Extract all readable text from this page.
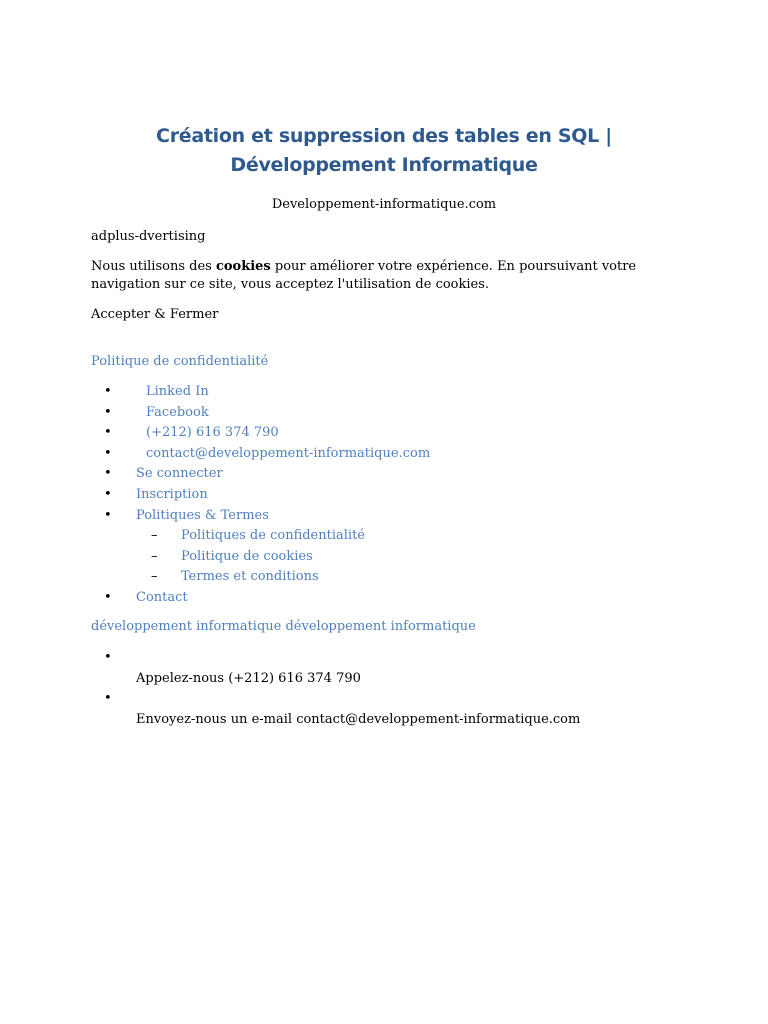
Création et suppression des tables en SQL | Développement Informatique
Developpement-informatique.com

adplus-dvertising

Nous utilisons des cookies pour améliorer votre expérience. En poursuivant votre navigation sur ce site, vous acceptez l'utilisation de cookies.

Accepter & Fermer

Politique de confidentialité

•	Linked In
•	Facebook
•	(+212) 616 374 790
•	contact@developpement-informatique.com
• Se connecter
• Inscription
• Politiques & Termes
– Politiques de confidentialité
– Politique de cookies
– Termes et conditions
• Contact

développement informatique développement informatique

•
Appelez-nous (+212) 616 374 790
•
Envoyez-nous un e-mail contact@developpement-informatique.com
